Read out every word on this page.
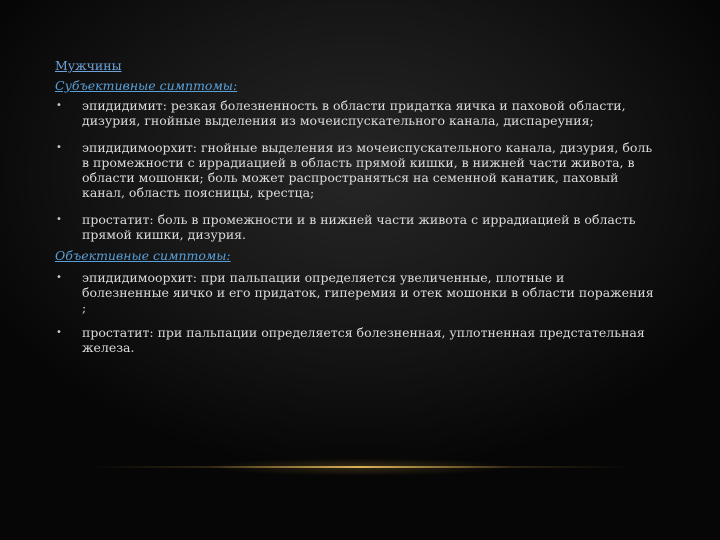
Мужчины

Субъективные симптомы:

• эпидидимит: резкая болезненность в области придатка яичка и паховой области, дизурия, гнойные выделения из мочеиспускательного канала, диспареуния;
• эпидидимоорхит: гнойные выделения из мочеиспускательного канала, дизурия, боль в промежности с иррадиацией в область прямой кишки, в нижней части живота, в области мошонки; боль может распространяться на семенной канатик, паховый канал, область поясницы, крестца;
• простатит: боль в промежности и в нижней части живота с иррадиацией в область прямой кишки, дизурия.

Объективные симптомы:

• эпидидимоорхит: при пальпации определяется увеличенные, плотные и болезненные яичко и его придаток, гиперемия и отек мошонки в области поражения ;
• простатит: при пальпации определяется болезненная, уплотненная предстательная железа.
